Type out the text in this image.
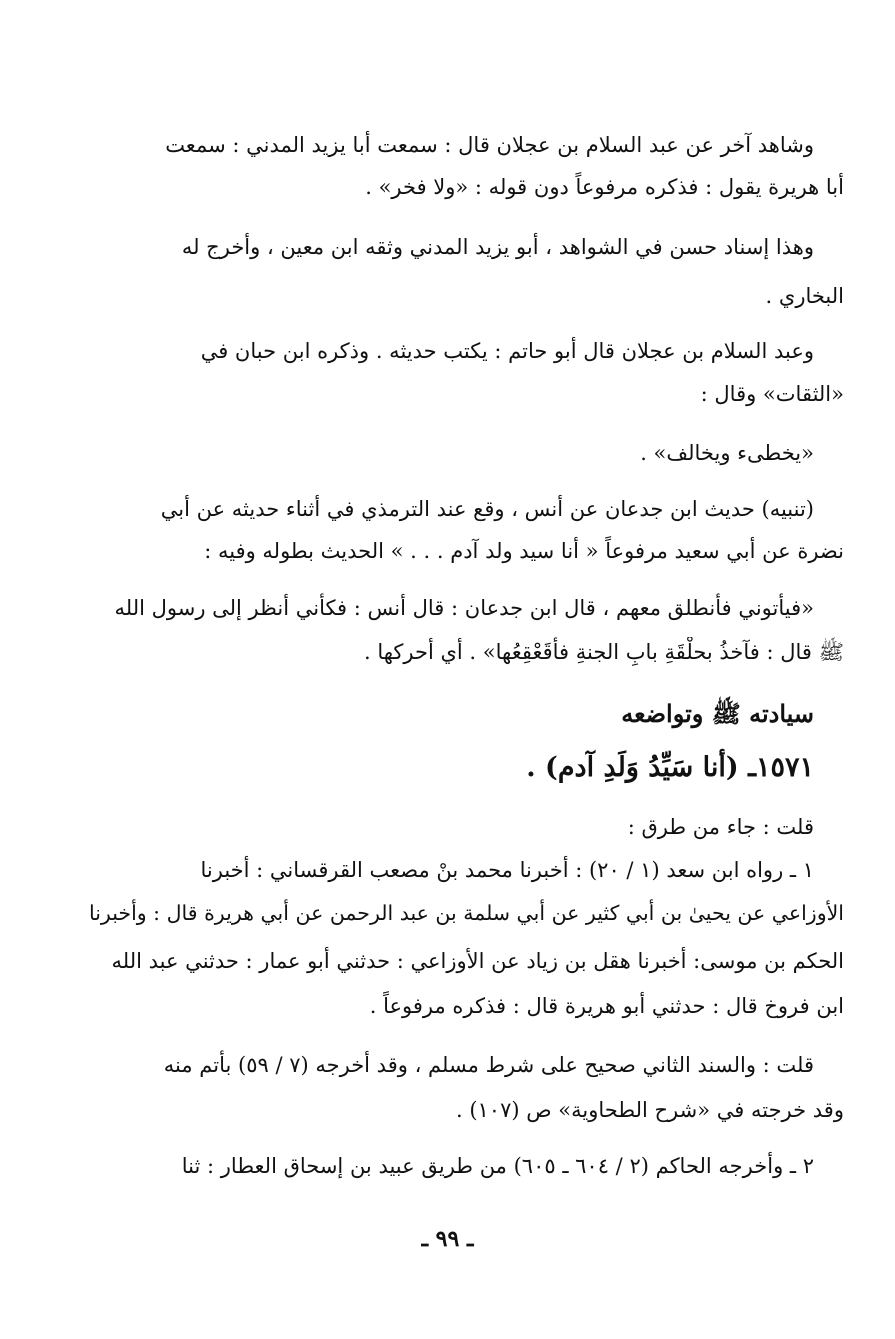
وشاهد آخر عن عبد السلام بن عجلان قال : سمعت أبا يزيد المدني : سمعت
أبا هريرة يقول : فذكره مرفوعاً دون قوله : «ولا فخر» .
وهذا إسناد حسن في الشواهد ، أبو يزيد المدني وثقه ابن معين ، وأخرج له
البخاري .
وعبد السلام بن عجلان قال أبو حاتم : يكتب حديثه . وذكره ابن حبان في
«الثقات» وقال :
«يخطىء ويخالف» .
(تنبيه) حديث ابن جدعان عن أنس ، وقع عند الترمذي في أثناء حديثه عن أبي
نضرة عن أبي سعيد مرفوعاً « أنا سيد ولد آدم . . . » الحديث بطوله وفيه :
«فيأتوني فأنطلق معهم ، قال ابن جدعان : قال أنس : فكأني أنظر إلى رسول الله
ﷺ قال : فآخذُ بحلْقَةِ بابِ الجنةِ فأقَعْقِعُها» . أي أحركها .
سيادته ﷺ وتواضعه
١٥٧١ـ (أنا سَيِّدُ وَلَدِ آدم) .
قلت : جاء من طرق :
١ ـ رواه ابن سعد (١ / ٢٠) : أخبرنا محمد بنْ مصعب القرقساني : أخبرنا
الأوزاعي عن يحيىٰ بن أبي كثير عن أبي سلمة بن عبد الرحمن عن أبي هريرة قال : وأخبرنا
الحكم بن موسى: أخبرنا هقل بن زياد عن الأوزاعي : حدثني أبو عمار : حدثني عبد الله
ابن فروخ قال : حدثني أبو هريرة قال : فذكره مرفوعاً .
قلت : والسند الثاني صحيح على شرط مسلم ، وقد أخرجه (٧ / ٥٩) بأتم منه
وقد خرجته في «شرح الطحاوية» ص (١٠٧) .
٢ ـ وأخرجه الحاكم (٢ / ٦٠٤ ـ ٦٠٥) من طريق عبيد بن إسحاق العطار : ثنا
ـ ٩٩ ـ
